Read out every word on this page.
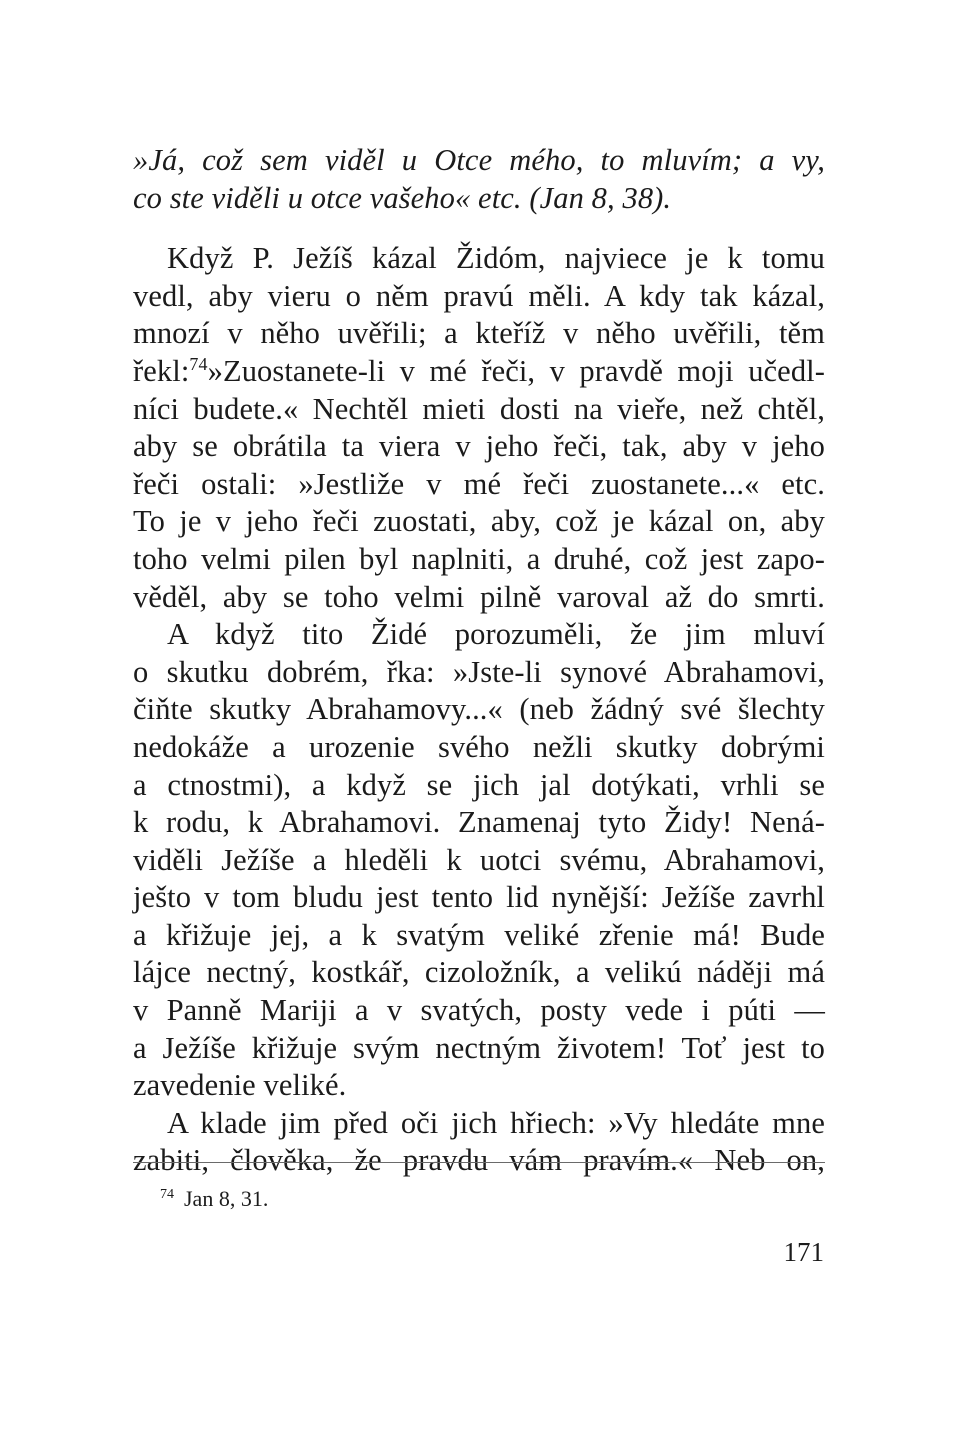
»Já, což sem viděl u Otce mého, to mluvím; a vy,
co ste viděli u otce vašeho« etc. (Jan 8, 38).
Když P. Ježíš kázal Židóm, najviece je k tomu
vedl, aby vieru o něm pravú měli. A kdy tak kázal,
mnozí v něho uvěřili; a kteříž v něho uvěřili, těm
řekl:$^{74}$»Zuostanete-li v mé řeči, v pravdě moji učedl-
níci budete.« Nechtěl mieti dosti na vieře, než chtěl,
aby se obrátila ta viera v jeho řeči, tak, aby v jeho
řeči ostali: »Jestliže v mé řeči zuostanete...« etc.
To je v jeho řeči zuostati, aby, což je kázal on, aby
toho velmi pilen byl naplniti, a druhé, což jest zapo-
věděl, aby se toho velmi pilně varoval až do smrti.
A když tito Židé porozuměli, že jim mluví
o skutku dobrém, řka: »Jste-li synové Abrahamovi,
čiňte skutky Abrahamovy...« (neb žádný své šlechty
nedokáže a urozenie svého nežli skutky dobrými
a ctnostmi), a když se jich jal dotýkati, vrhli se
k rodu, k Abrahamovi. Znamenaj tyto Židy! Nená-
viděli Ježíše a hleděli k uotci svému, Abrahamovi,
ješto v tom bludu jest tento lid nynější: Ježíše zavrhl
a křižuje jej, a k svatým veliké zřenie má! Bude
lájce nectný, kostkář, cizoložník, a velikú náději má
v Panně Mariji a v svatých, posty vede i púti —
a Ježíše křižuje svým nectným životem! Toť jest to
zavedenie veliké.
A klade jim před oči jich hřiech: »Vy hledáte mne
zabiti, člověka, že pravdu vám pravím.« Neb on,
$^{74}$ Jan 8, 31.
171
